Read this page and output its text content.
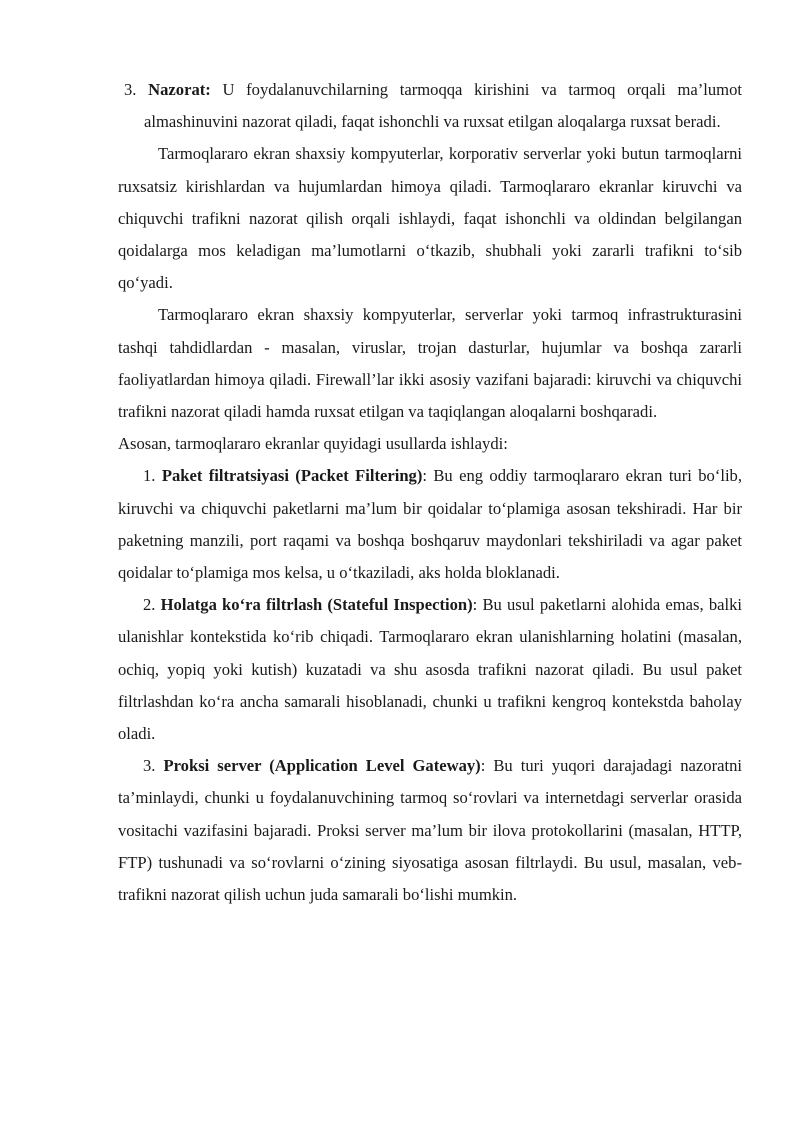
3. Nazorat: U foydalanuvchilarning tarmoqqa kirishini va tarmoq orqali ma’lumot almashinuvini nazorat qiladi, faqat ishonchli va ruxsat etilgan aloqalarga ruxsat beradi.

Tarmoqlararo ekran shaxsiy kompyuterlar, korporativ serverlar yoki butun tarmoqlarni ruxsatsiz kirishlardan va hujumlardan himoya qiladi. Tarmoqlararo ekranlar kiruvchi va chiquvchi trafikni nazorat qilish orqali ishlaydi, faqat ishonchli va oldindan belgilangan qoidalarga mos keladigan ma’lumotlarni o‘tkazib, shubhali yoki zararli trafikni to‘sib qo‘yadi.

Tarmoqlararo ekran shaxsiy kompyuterlar, serverlar yoki tarmoq infrastrukturasini tashqi tahdidlardan - masalan, viruslar, trojan dasturlar, hujumlar va boshqa zararli faoliyatlardan himoya qiladi. Firewall’lar ikki asosiy vazifani bajaradi: kiruvchi va chiquvchi trafikni nazorat qiladi hamda ruxsat etilgan va taqiqlangan aloqalarni boshqaradi.

Asosan, tarmoqlararo ekranlar quyidagi usullarda ishlaydi:

1. Paket filtratsiyasi (Packet Filtering): Bu eng oddiy tarmoqlararo ekran turi bo‘lib, kiruvchi va chiquvchi paketlarni ma’lum bir qoidalar to‘plamiga asosan tekshiradi. Har bir paketning manzili, port raqami va boshqa boshqaruv maydonlari tekshiriladi va agar paket qoidalar to‘plamiga mos kelsa, u o‘tkaziladi, aks holda bloklanadi.

2. Holatga ko‘ra filtrlash (Stateful Inspection): Bu usul paketlarni alohida emas, balki ulanishlar kontekstida ko‘rib chiqadi. Tarmoqlararo ekran ulanishlarning holatini (masalan, ochiq, yopiq yoki kutish) kuzatadi va shu asosda trafikni nazorat qiladi. Bu usul paket filtrlashdan ko‘ra ancha samarali hisoblanadi, chunki u trafikni kengroq kontekstda baholay oladi.

3. Proksi server (Application Level Gateway): Bu turi yuqori darajadagi nazoratni ta’minlaydi, chunki u foydalanuvchining tarmoq so‘rovlari va internetdagi serverlar orasida vositachi vazifasini bajaradi. Proksi server ma’lum bir ilova protokollarini (masalan, HTTP, FTP) tushunadi va so‘rovlarni o‘zining siyosatiga asosan filtrlaydi. Bu usul, masalan, veb-trafikni nazorat qilish uchun juda samarali bo‘lishi mumkin.
